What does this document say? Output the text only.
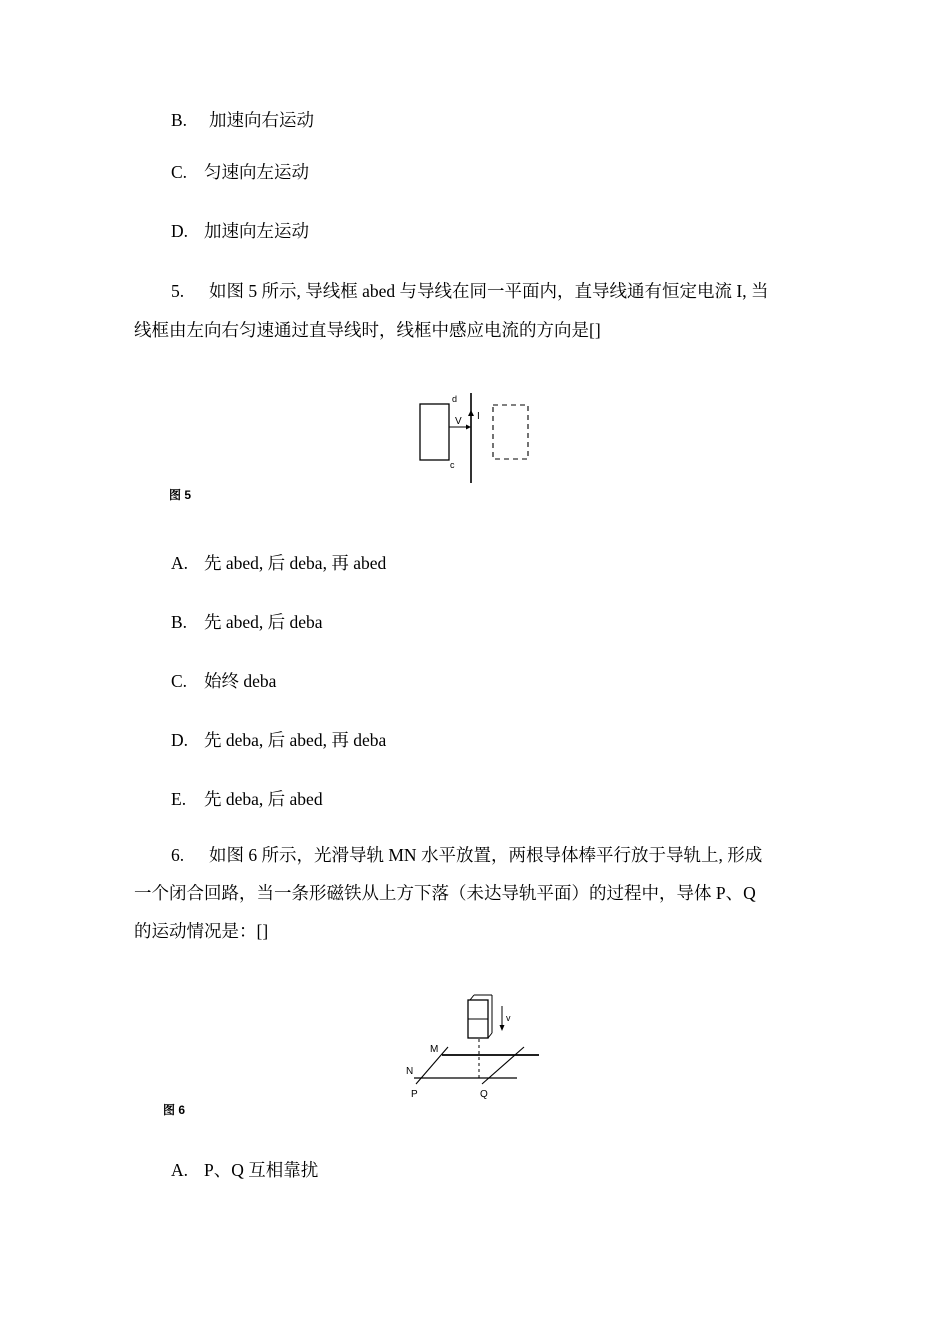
B. 加速向右运动
C. 匀速向左运动
D. 加速向左运动
5. 如图 5 所示, 导线框 abed 与导线在同一平面内，直导线通有恒定电流 I, 当
线框由左向右匀速通过直导线时，线框中感应电流的方向是[]
d
V I
c
图 5
A. 先 abed, 后 deba, 再 abed
B. 先 abed, 后 deba
C. 始终 deba
D. 先 deba, 后 abed, 再 deba
E. 先 deba, 后 abed
6. 如图 6 所示，光滑导轨 MN 水平放置，两根导体棒平行放于导轨上, 形成
一个闭合回路，当一条形磁铁从上方下落（未达导轨平面）的过程中，导体 P、Q
的运动情况是：[]
v
M
N
P	Q
图 6
A. P、Q 互相靠扰
